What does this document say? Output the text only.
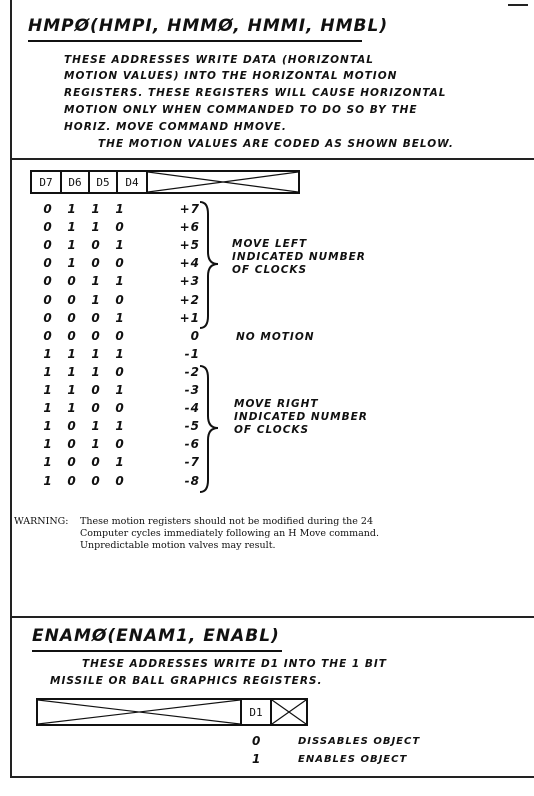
HMPØ(HMPI, HMMØ, HMMI, HMBL)
THESE ADDRESSES WRITE DATA (HORIZONTAL
MOTION VALUES) INTO THE HORIZONTAL MOTION
REGISTERS. THESE REGISTERS WILL CAUSE HORIZONTAL
MOTION ONLY WHEN COMMANDED TO DO SO BY THE
HORIZ. MOVE COMMAND HMOVE.
THE MOTION VALUES ARE CODED AS SHOWN BELOW.
D7	D6	D5	D4
0	1	1	1	+7
0	1	1	0	+6
0	1	0	1	+5
0	1	0	0	+4
0	0	1	1	+3
0	0	1	0	+2
0	0	0	1	+1
0	0	0	0	0
1	1	1	1	-1
1	1	1	0	-2
1	1	0	1	-3
1	1	0	0	-4
1	0	1	1	-5
1	0	1	0	-6
1	0	0	1	-7
1	0	0	0	-8
MOVE LEFT
INDICATED NUMBER
OF CLOCKS
NO MOTION
MOVE RIGHT
INDICATED NUMBER
OF CLOCKS
WARNING: These motion registers should not be modified during the 24
Computer cycles immediately following an H Move command.
Unpredictable motion valves may result.
ENAMØ(ENAM1, ENABL)
THESE ADDRESSES WRITE D1 INTO THE 1 BIT
MISSILE OR BALL GRAPHICS REGISTERS.
D1
0	DISSABLES OBJECT
1	ENABLES OBJECT
